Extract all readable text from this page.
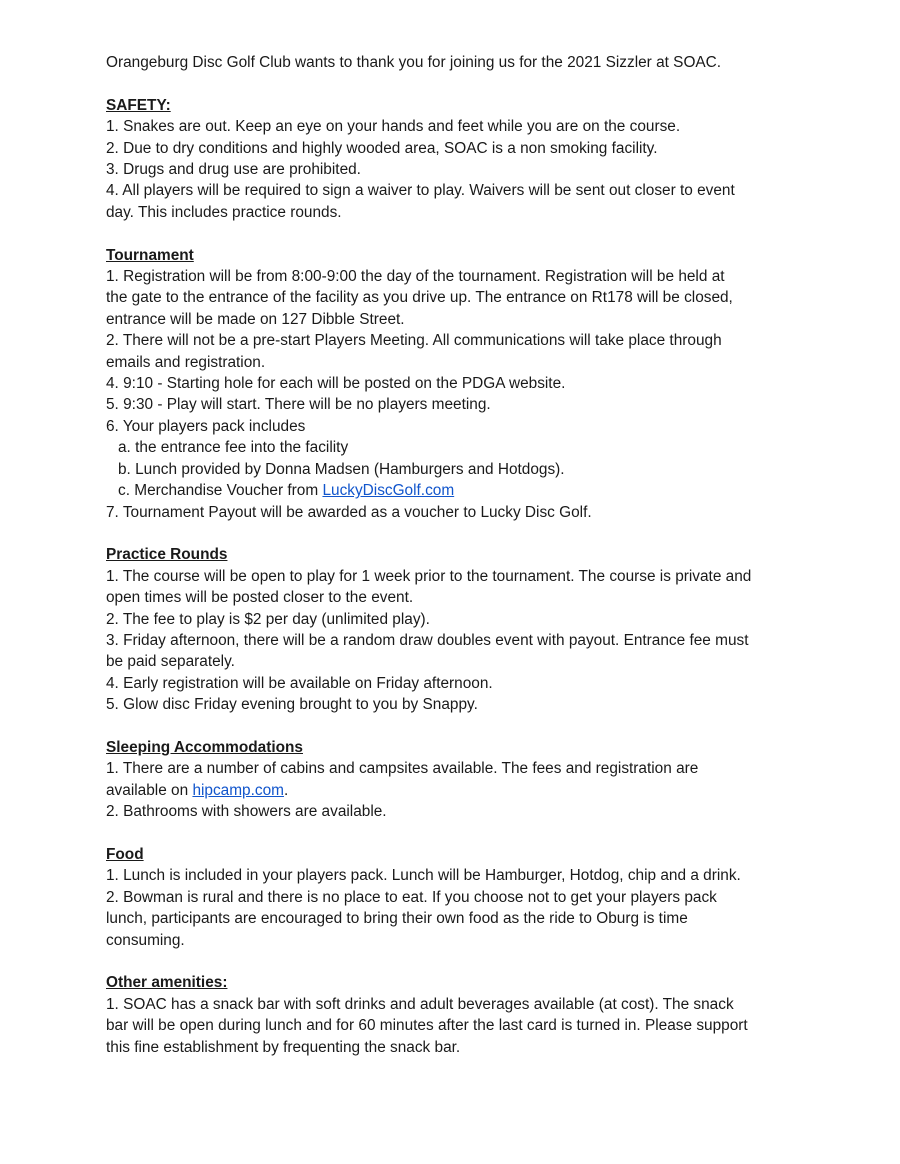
Orangeburg Disc Golf Club wants to thank you for joining us for the 2021 Sizzler at SOAC.
SAFETY:
1. Snakes are out. Keep an eye on your hands and feet while you are on the course.
2. Due to dry conditions and highly wooded area, SOAC is a non smoking facility.
3. Drugs and drug use are prohibited.
4. All players will be required to sign a waiver to play. Waivers will be sent out closer to event
day. This includes practice rounds.
Tournament
1. Registration will be from 8:00-9:00 the day of the tournament. Registration will be held at
the gate to the entrance of the facility as you drive up. The entrance on Rt178 will be closed,
entrance will be made on 127 Dibble Street.
2. There will not be a pre-start Players Meeting. All communications will take place through
emails and registration.
4. 9:10 - Starting hole for each will be posted on the PDGA website.
5. 9:30 - Play will start. There will be no players meeting.
6. Your players pack includes
a. the entrance fee into the facility
b. Lunch provided by Donna Madsen (Hamburgers and Hotdogs).
c. Merchandise Voucher from LuckyDiscGolf.com
7. Tournament Payout will be awarded as a voucher to Lucky Disc Golf.
Practice Rounds
1. The course will be open to play for 1 week prior to the tournament. The course is private and
open times will be posted closer to the event.
2. The fee to play is $2 per day (unlimited play).
3. Friday afternoon, there will be a random draw doubles event with payout. Entrance fee must
be paid separately.
4. Early registration will be available on Friday afternoon.
5. Glow disc Friday evening brought to you by Snappy.
Sleeping Accommodations
1. There are a number of cabins and campsites available. The fees and registration are
available on hipcamp.com.
2. Bathrooms with showers are available.
Food
1. Lunch is included in your players pack. Lunch will be Hamburger, Hotdog, chip and a drink.
2. Bowman is rural and there is no place to eat. If you choose not to get your players pack
lunch, participants are encouraged to bring their own food as the ride to Oburg is time
consuming.
Other amenities:
1. SOAC has a snack bar with soft drinks and adult beverages available (at cost). The snack
bar will be open during lunch and for 60 minutes after the last card is turned in. Please support
this fine establishment by frequenting the snack bar.
